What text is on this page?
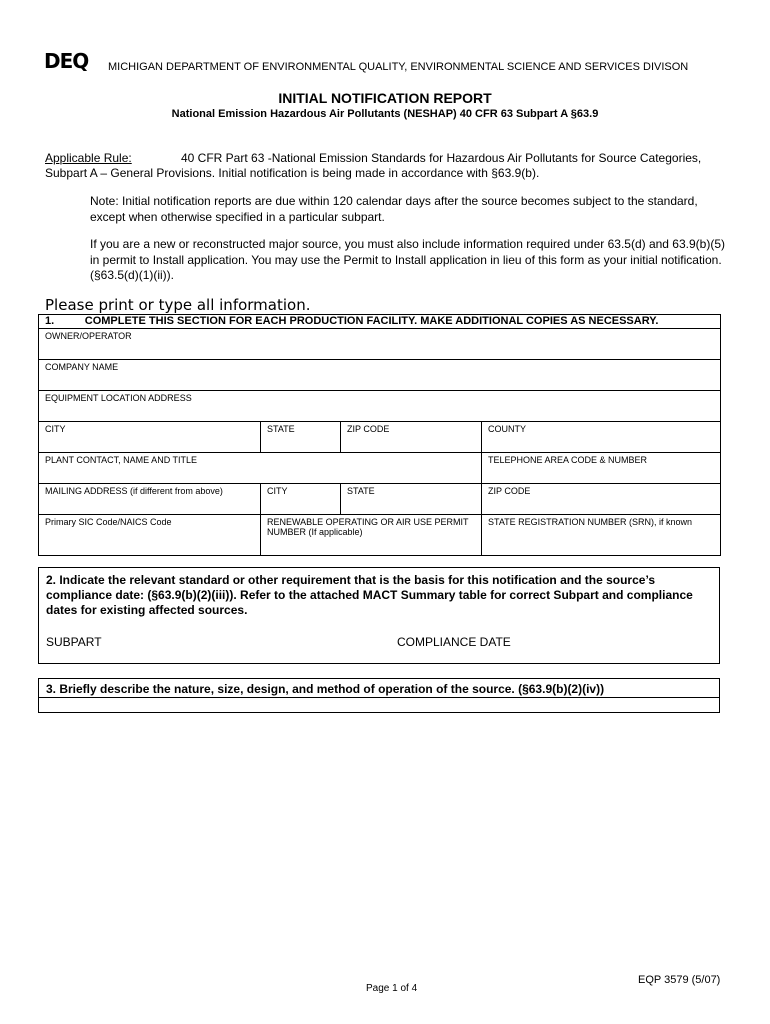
DEQ MICHIGAN DEPARTMENT OF ENVIRONMENTAL QUALITY, ENVIRONMENTAL SCIENCE AND SERVICES DIVISON
INITIAL NOTIFICATION REPORT
National Emission Hazardous Air Pollutants (NESHAP) 40 CFR 63 Subpart A §63.9
Applicable Rule:	40 CFR Part 63 -National Emission Standards for Hazardous Air Pollutants for Source Categories, Subpart A – General Provisions. Initial notification is being made in accordance with §63.9(b).
Note: Initial notification reports are due within 120 calendar days after the source becomes subject to the standard, except when otherwise specified in a particular subpart.
If you are a new or reconstructed major source, you must also include information required under 63.5(d) and 63.9(b)(5) in permit to Install application. You may use the Permit to Install application in lieu of this form as your initial notification. (§63.5(d)(1)(ii)).
Please print or type all information.
1. COMPLETE THIS SECTION FOR EACH PRODUCTION FACILITY. MAKE ADDITIONAL COPIES AS NECESSARY.			
OWNER/OPERATOR			
COMPANY NAME			
EQUIPMENT LOCATION ADDRESS			
CITY	STATE	ZIP CODE	COUNTY
PLANT CONTACT, NAME AND TITLE			TELEPHONE AREA CODE & NUMBER
MAILING ADDRESS (if different from above)	CITY	STATE	ZIP CODE
Primary SIC Code/NAICS Code	RENEWABLE OPERATING OR AIR USE PERMIT NUMBER (If applicable)		STATE REGISTRATION NUMBER (SRN), if known
2. Indicate the relevant standard or other requirement that is the basis for this notification and the source’s compliance date: (§63.9(b)(2)(iii)). Refer to the attached MACT Summary table for correct Subpart and compliance dates for existing affected sources.
SUBPART	COMPLIANCE DATE
3. Briefly describe the nature, size, design, and method of operation of the source. (§63.9(b)(2)(iv))
EQP 3579 (5/07)
Page 1 of 4
